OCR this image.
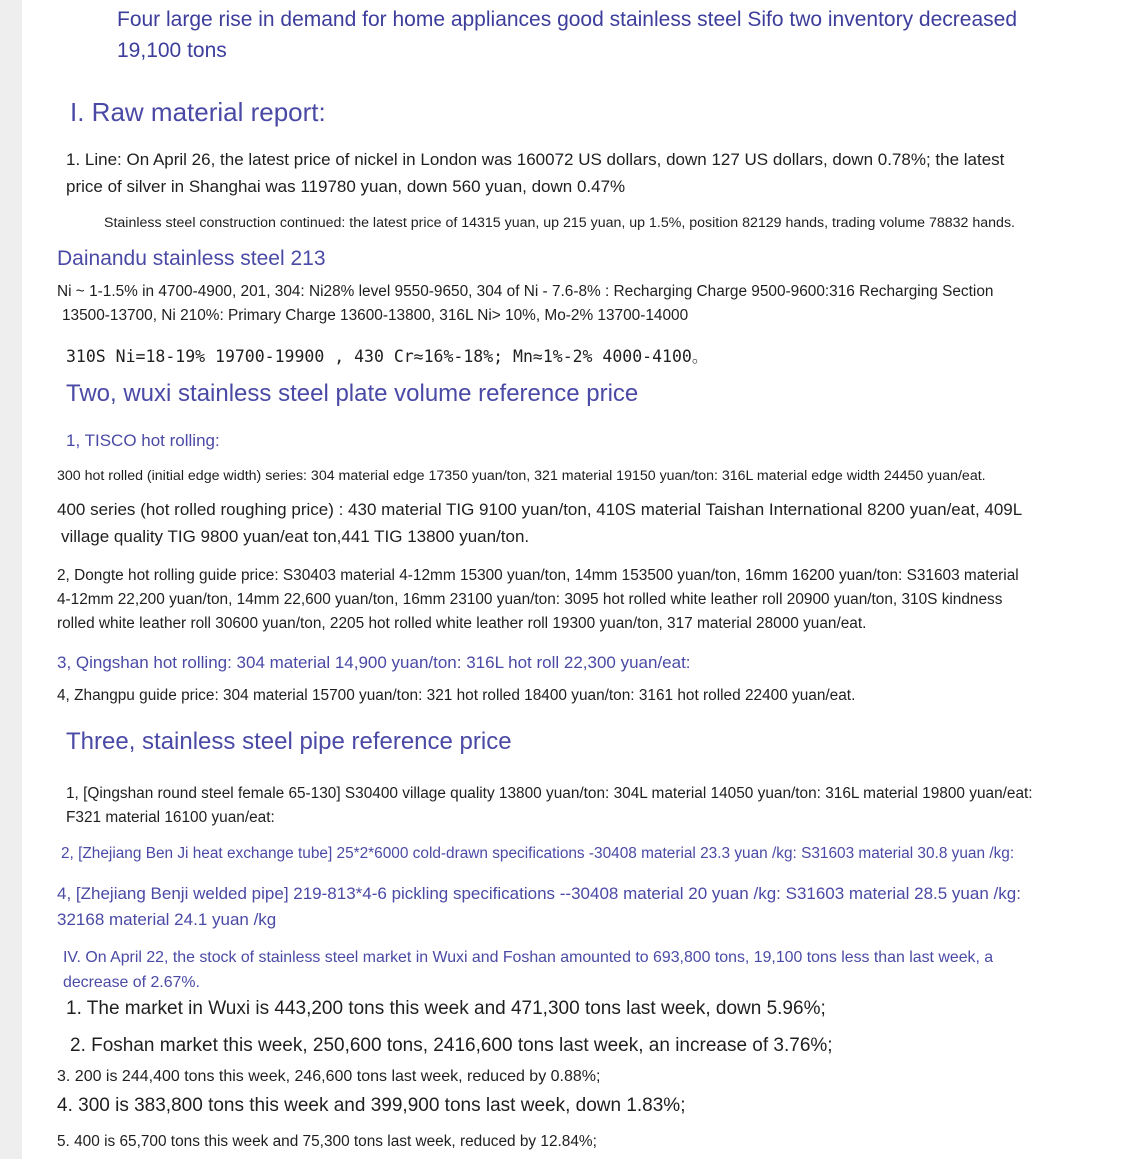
Four large rise in demand for home appliances good stainless steel Sifo two inventory decreased
19,100 tons
I. Raw material report:
1. Line: On April 26, the latest price of nickel in London was 160072 US dollars, down 127 US dollars, down 0.78%; the latest
price of silver in Shanghai was 119780 yuan, down 560 yuan, down 0.47%
Stainless steel construction continued: the latest price of 14315 yuan, up 215 yuan, up 1.5%, position 82129 hands, trading volume 78832 hands.
Dainandu stainless steel 213
Ni ~ 1-1.5% in 4700-4900, 201, 304: Ni28% level 9550-9650, 304 of Ni - 7.6-8% : Recharging Charge 9500-9600:316 Recharging Section
13500-13700, Ni 210%: Primary Charge 13600-13800, 316L Ni> 10%, Mo-2% 13700-14000
310S Ni=18-19% 19700-19900 , 430 Cr≈16%-18%; Mn≈1%-2% 4000-4100。
Two, wuxi stainless steel plate volume reference price
1, TISCO hot rolling:
300 hot rolled (initial edge width) series: 304 material edge 17350 yuan/ton, 321 material 19150 yuan/ton: 316L material edge width 24450 yuan/eat.
400 series (hot rolled roughing price) : 430 material TIG 9100 yuan/ton, 410S material Taishan International 8200 yuan/eat, 409L
village quality TIG 9800 yuan/eat ton,441 TIG 13800 yuan/ton.
2, Dongte hot rolling guide price: S30403 material 4-12mm 15300 yuan/ton, 14mm 153500 yuan/ton, 16mm 16200 yuan/ton: S31603 material
4-12mm 22,200 yuan/ton, 14mm 22,600 yuan/ton, 16mm 23100 yuan/ton: 3095 hot rolled white leather roll 20900 yuan/ton, 310S kindness
rolled white leather roll 30600 yuan/ton, 2205 hot rolled white leather roll 19300 yuan/ton, 317 material 28000 yuan/eat.
3, Qingshan hot rolling: 304 material 14,900 yuan/ton: 316L hot roll 22,300 yuan/eat:
4, Zhangpu guide price: 304 material 15700 yuan/ton: 321 hot rolled 18400 yuan/ton: 3161 hot rolled 22400 yuan/eat.
Three, stainless steel pipe reference price
1, [Qingshan round steel female 65-130] S30400 village quality 13800 yuan/ton: 304L material 14050 yuan/ton: 316L material 19800 yuan/eat:
F321 material 16100 yuan/eat:
2, [Zhejiang Ben Ji heat exchange tube] 25*2*6000 cold-drawn specifications -30408 material 23.3 yuan /kg: S31603 material 30.8 yuan /kg:
4, [Zhejiang Benji welded pipe] 219-813*4-6 pickling specifications --30408 material 20 yuan /kg: S31603 material 28.5 yuan /kg:
32168 material 24.1 yuan /kg
IV. On April 22, the stock of stainless steel market in Wuxi and Foshan amounted to 693,800 tons, 19,100 tons less than last week, a
decrease of 2.67%.
1. The market in Wuxi is 443,200 tons this week and 471,300 tons last week, down 5.96%;
2. Foshan market this week, 250,600 tons, 2416,600 tons last week, an increase of 3.76%;
3. 200 is 244,400 tons this week, 246,600 tons last week, reduced by 0.88%;
4. 300 is 383,800 tons this week and 399,900 tons last week, down 1.83%;
5. 400 is 65,700 tons this week and 75,300 tons last week, reduced by 12.84%;
